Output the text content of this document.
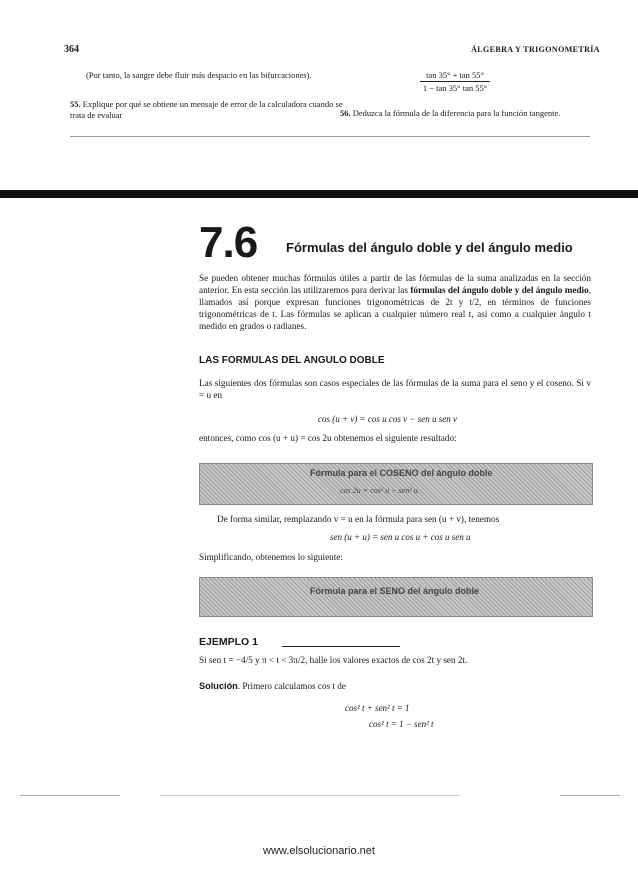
364	ÁLGEBRA Y TRIGONOMETRÍA
(Por tanto, la sangre debe fluir más despacio en las bifurcaciones).
55. Explique por qué se obtiene un mensaje de error de la calculadora cuando se trata de evaluar
$\frac{\tan 35^\circ + \tan 55^\circ}{1 - \tan 35^\circ \tan 55^\circ}$
56. Deduzca la fórmula de la diferencia para la función tangente.
7.6 Fórmulas del ángulo doble y del ángulo medio
Se pueden obtener muchas fórmulas útiles a partir de las fórmulas de la suma analizadas en la sección anterior. En esta sección las utilizaremos para derivar las fórmulas del ángulo doble y del ángulo medio, llamados así porque expresan funciones trigonométricas de 2t y t/2, en términos de funciones trigonométricas de t. Las fórmulas se aplican a cualquier número real t, así como a cualquier ángulo t medido en grados o radianes.
LAS FORMULAS DEL ANGULO DOBLE
Las siguientes dos fórmulas son casos especiales de las fórmulas de la suma para el seno y el coseno. Si v = u en
cos (u + v) = cos u cos v − sen u sen v
entonces, como cos (u + u) = cos 2u obtenemos el siguiente resultado:
Fórmula para el COSENO del ángulo doble
cos 2u = cos² u − sen² u
De forma similar, remplazando v = u en la fórmula para sen (u + v), tenemos
sen (u + u) = sen u cos u + cos u sen u
Simplificando, obtenemos lo siguiente:
Fórmula para el SENO del ángulo doble
EJEMPLO 1
Si sen t = −4/5 y π < t < 3π/2, halle los valores exactos de cos 2t y sen 2t.
Solución. Primero calculamos cos t de
cos² t + sen² t = 1
cos² t = 1 − sen² t
www.elsolucionario.net
